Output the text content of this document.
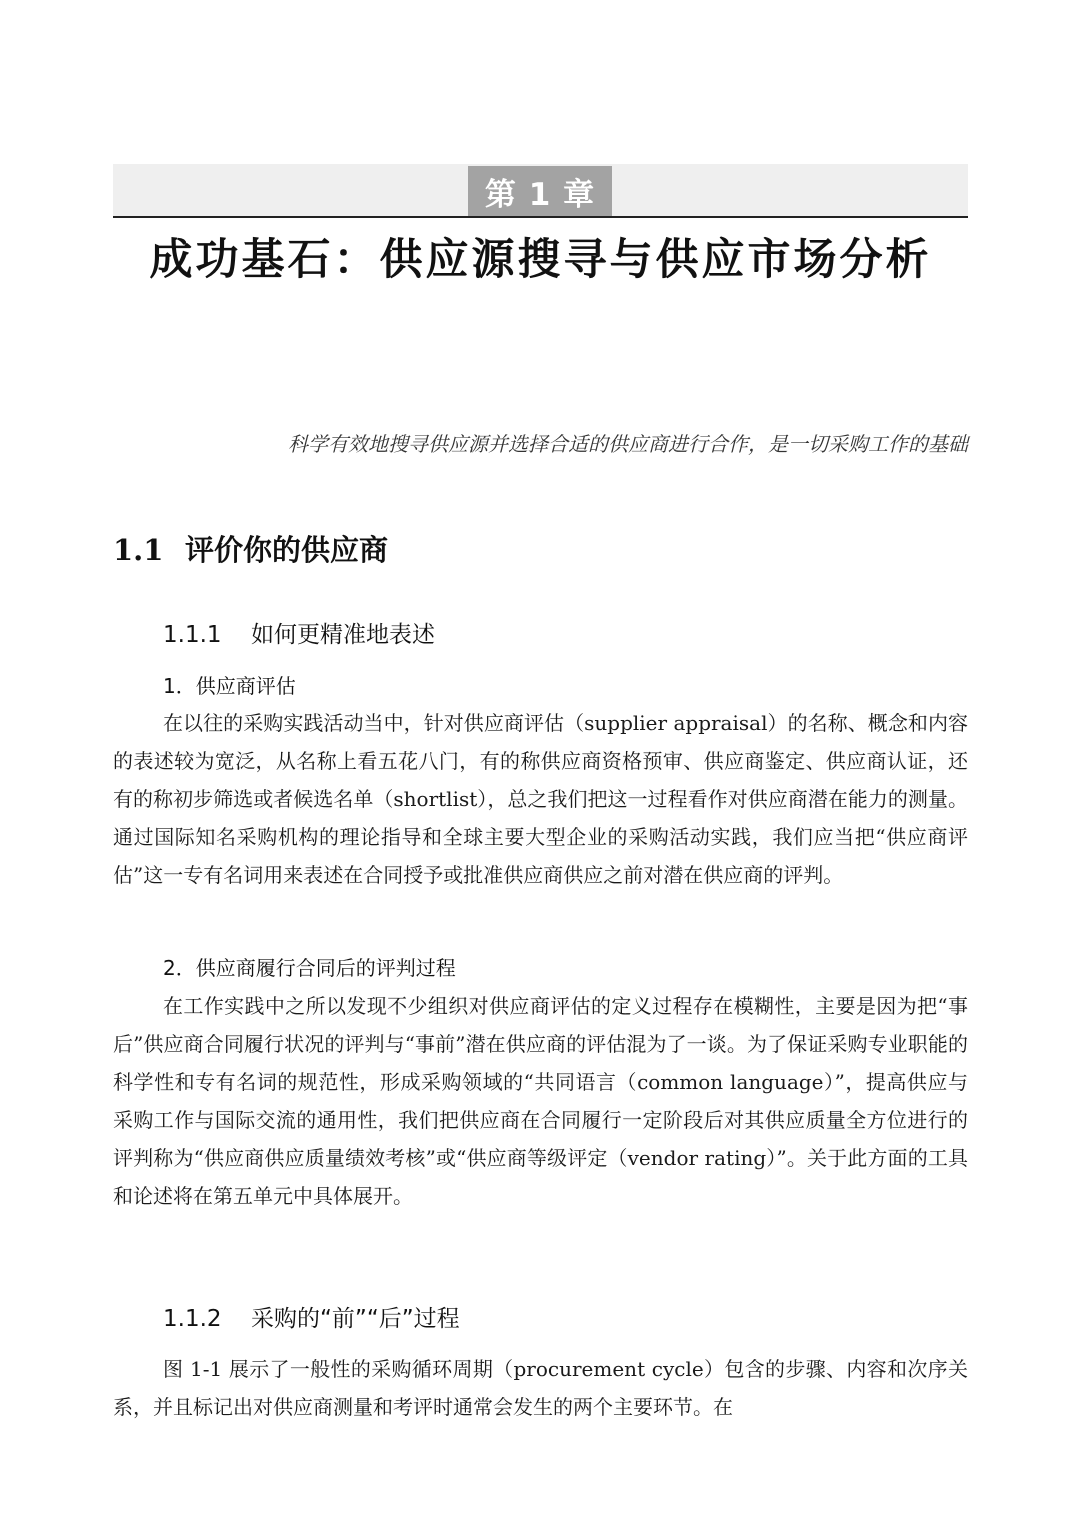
第 1 章
成功基石：供应源搜寻与供应市场分析
科学有效地搜寻供应源并选择合适的供应商进行合作，是一切采购工作的基础
1.1 评价你的供应商
1.1.1 如何更精准地表述
1．供应商评估
在以往的采购实践活动当中，针对供应商评估（supplier appraisal）的名称、概念和内容的表述较为宽泛，从名称上看五花八门，有的称供应商资格预审、供应商鉴定、供应商认证，还有的称初步筛选或者候选名单（shortlist），总之我们把这一过程看作对供应商潜在能力的测量。通过国际知名采购机构的理论指导和全球主要大型企业的采购活动实践，我们应当把“供应商评估”这一专有名词用来表述在合同授予或批准供应商供应之前对潜在供应商的评判。
2．供应商履行合同后的评判过程
在工作实践中之所以发现不少组织对供应商评估的定义过程存在模糊性，主要是因为把“事后”供应商合同履行状况的评判与“事前”潜在供应商的评估混为了一谈。为了保证采购专业职能的科学性和专有名词的规范性，形成采购领域的“共同语言（common language）”，提高供应与采购工作与国际交流的通用性，我们把供应商在合同履行一定阶段后对其供应质量全方位进行的评判称为“供应商供应质量绩效考核”或“供应商等级评定（vendor rating）”。关于此方面的工具和论述将在第五单元中具体展开。
1.1.2 采购的“前”“后”过程
图 1-1 展示了一般性的采购循环周期（procurement cycle）包含的步骤、内容和次序关系，并且标记出对供应商测量和考评时通常会发生的两个主要环节。在
